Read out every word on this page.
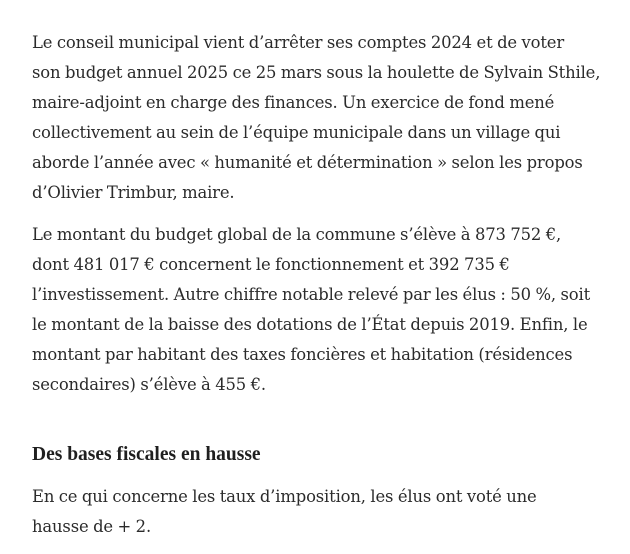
Le conseil municipal vient d’arrêter ses comptes 2024 et de voter
son budget annuel 2025 ce 25 mars sous la houlette de Sylvain Sthile,
maire-adjoint en charge des finances. Un exercice de fond mené
collectivement au sein de l’équipe municipale dans un village qui
aborde l’année avec « humanité et détermination » selon les propos
d’Olivier Trimbur, maire.

Le montant du budget global de la commune s’élève à 873 752 €,
dont 481 017 € concernent le fonctionnement et 392 735 €
l’investissement. Autre chiffre notable relevé par les élus : 50 %, soit
le montant de la baisse des dotations de l’État depuis 2019. Enfin, le
montant par habitant des taxes foncières et habitation (résidences
secondaires) s’élève à 455 €.

Des bases fiscales en hausse

En ce qui concerne les taux d’imposition, les élus ont voté une
hausse de + 2.
